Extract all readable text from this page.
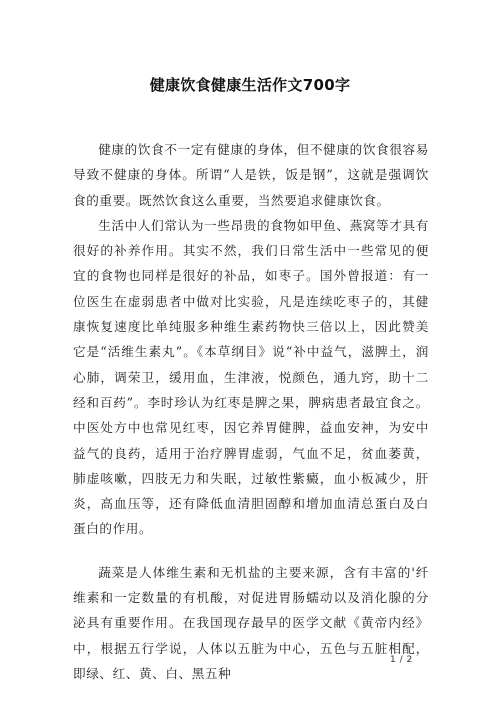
健康饮食健康生活作文700字

健康的饮食不一定有健康的身体，但不健康的饮食很容易导致不健康的身体。所谓“人是铁，饭是钢”，这就是强调饮食的重要。既然饮食这么重要，当然要追求健康饮食。

生活中人们常认为一些昂贵的食物如甲鱼、燕窝等才具有很好的补养作用。其实不然，我们日常生活中一些常见的便宜的食物也同样是很好的补品，如枣子。国外曾报道：有一位医生在虚弱患者中做对比实验，凡是连续吃枣子的，其健康恢复速度比单纯服多种维生素药物快三倍以上，因此赞美它是“活维生素丸”。《本草纲目》说“补中益气，滋脾土，润心肺，调荣卫，缓用血，生津液，悦颜色，通九窍，助十二经和百药”。李时珍认为红枣是脾之果，脾病患者最宜食之。中医处方中也常见红枣，因它养胃健脾，益血安神，为安中益气的良药，适用于治疗脾胃虚弱，气血不足，贫血萎黄，肺虚咳嗽，四肢无力和失眠，过敏性紫癜，血小板减少，肝炎，高血压等，还有降低血清胆固醇和增加血清总蛋白及白蛋白的作用。

蔬菜是人体维生素和无机盐的主要来源，含有丰富的'纤维素和一定数量的有机酸，对促进胃肠蠕动以及消化腺的分泌具有重要作用。在我国现存最早的医学文献《黄帝内经》中，根据五行学说，人体以五脏为中心，五色与五脏相配，即绿、红、黄、白、黑五种

1 / 2
